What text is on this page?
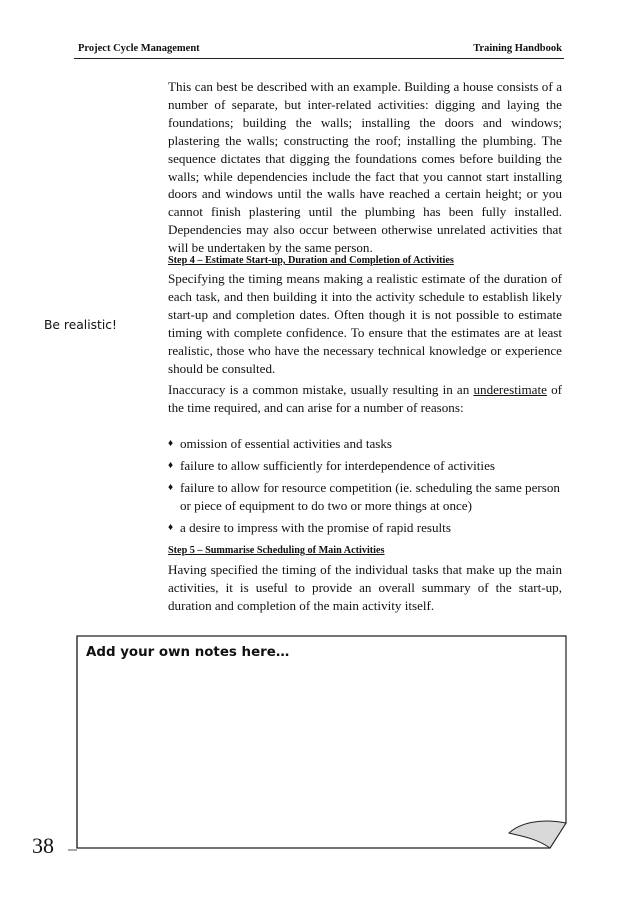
Project Cycle Management	Training Handbook
This can best be described with an example. Building a house consists of a number of separate, but inter-related activities: digging and laying the foundations; building the walls; installing the doors and windows; plastering the walls; constructing the roof; installing the plumbing. The sequence dictates that digging the foundations comes before building the walls; while dependencies include the fact that you cannot start installing doors and windows until the walls have reached a certain height; or you cannot finish plastering until the plumbing has been fully installed. Dependencies may also occur between otherwise unrelated activities that will be undertaken by the same person.
Step 4 – Estimate Start-up, Duration and Completion of Activities
Specifying the timing means making a realistic estimate of the duration of each task, and then building it into the activity schedule to establish likely start-up and completion dates. Often though it is not possible to estimate timing with complete confidence. To ensure that the estimates are at least realistic, those who have the necessary technical knowledge or experience should be consulted.
Be realistic!
Inaccuracy is a common mistake, usually resulting in an underestimate of the time required, and can arise for a number of reasons:
♦ omission of essential activities and tasks
♦ failure to allow sufficiently for interdependence of activities
♦ failure to allow for resource competition (ie. scheduling the same person or piece of equipment to do two or more things at once)
♦ a desire to impress with the promise of rapid results
Step 5 – Summarise Scheduling of Main Activities
Having specified the timing of the individual tasks that make up the main activities, it is useful to provide an overall summary of the start-up, duration and completion of the main activity itself.
Add your own notes here…
38
